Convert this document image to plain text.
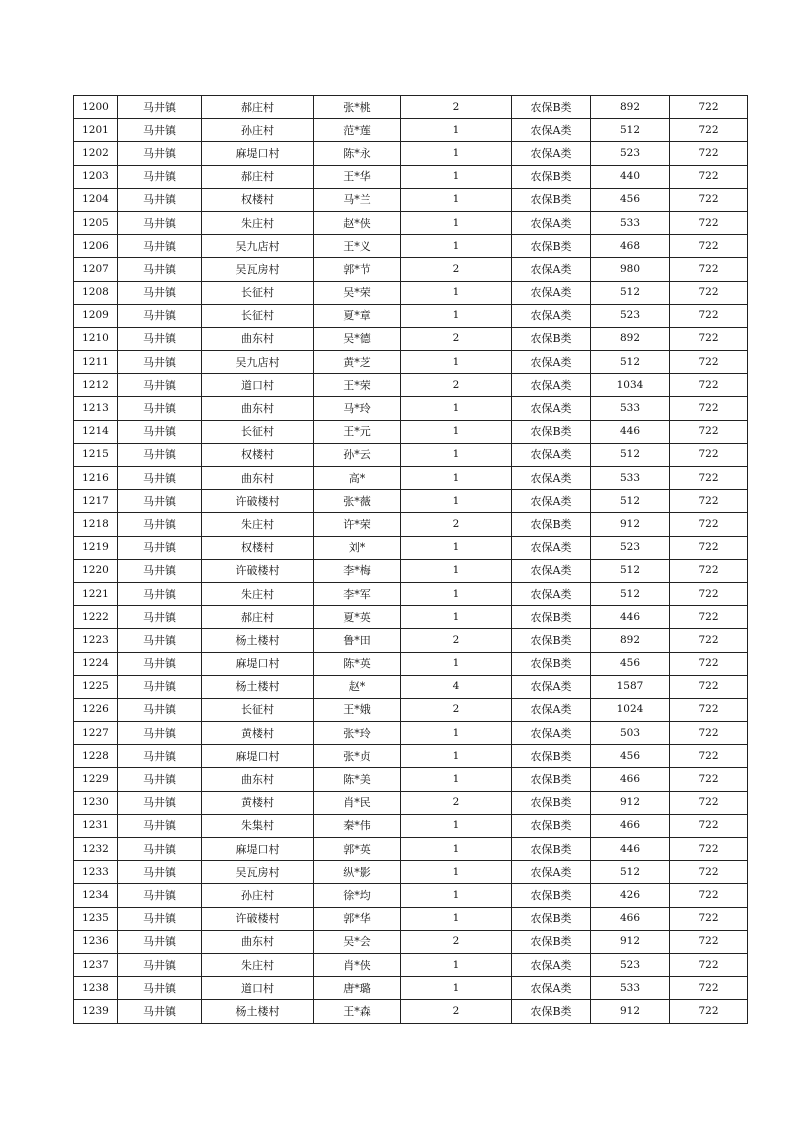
1200	马井镇	郝庄村	张*桃	2	农保B类	892	722
1201	马井镇	孙庄村	范*莲	1	农保A类	512	722
1202	马井镇	麻堤口村	陈*永	1	农保A类	523	722
1203	马井镇	郝庄村	王*华	1	农保B类	440	722
1204	马井镇	权楼村	马*兰	1	农保B类	456	722
1205	马井镇	朱庄村	赵*侠	1	农保A类	533	722
1206	马井镇	吴九店村	王*义	1	农保B类	468	722
1207	马井镇	吴瓦房村	郭*节	2	农保A类	980	722
1208	马井镇	长征村	吴*荣	1	农保A类	512	722
1209	马井镇	长征村	夏*章	1	农保A类	523	722
1210	马井镇	曲东村	吴*德	2	农保B类	892	722
1211	马井镇	吴九店村	黄*芝	1	农保A类	512	722
1212	马井镇	道口村	王*荣	2	农保A类	1034	722
1213	马井镇	曲东村	马*玲	1	农保A类	533	722
1214	马井镇	长征村	王*元	1	农保B类	446	722
1215	马井镇	权楼村	孙*云	1	农保A类	512	722
1216	马井镇	曲东村	高*	1	农保A类	533	722
1217	马井镇	许破楼村	张*薇	1	农保A类	512	722
1218	马井镇	朱庄村	许*荣	2	农保B类	912	722
1219	马井镇	权楼村	刘*	1	农保A类	523	722
1220	马井镇	许破楼村	李*梅	1	农保A类	512	722
1221	马井镇	朱庄村	李*军	1	农保A类	512	722
1222	马井镇	郝庄村	夏*英	1	农保B类	446	722
1223	马井镇	杨土楼村	鲁*田	2	农保B类	892	722
1224	马井镇	麻堤口村	陈*英	1	农保B类	456	722
1225	马井镇	杨土楼村	赵*	4	农保A类	1587	722
1226	马井镇	长征村	王*娥	2	农保A类	1024	722
1227	马井镇	黄楼村	张*玲	1	农保A类	503	722
1228	马井镇	麻堤口村	张*贞	1	农保B类	456	722
1229	马井镇	曲东村	陈*美	1	农保B类	466	722
1230	马井镇	黄楼村	肖*民	2	农保B类	912	722
1231	马井镇	朱集村	秦*伟	1	农保B类	466	722
1232	马井镇	麻堤口村	郭*英	1	农保B类	446	722
1233	马井镇	吴瓦房村	纵*影	1	农保A类	512	722
1234	马井镇	孙庄村	徐*均	1	农保B类	426	722
1235	马井镇	许破楼村	郭*华	1	农保B类	466	722
1236	马井镇	曲东村	吴*会	2	农保B类	912	722
1237	马井镇	朱庄村	肖*侠	1	农保A类	523	722
1238	马井镇	道口村	唐*璐	1	农保A类	533	722
1239	马井镇	杨土楼村	王*森	2	农保B类	912	722
